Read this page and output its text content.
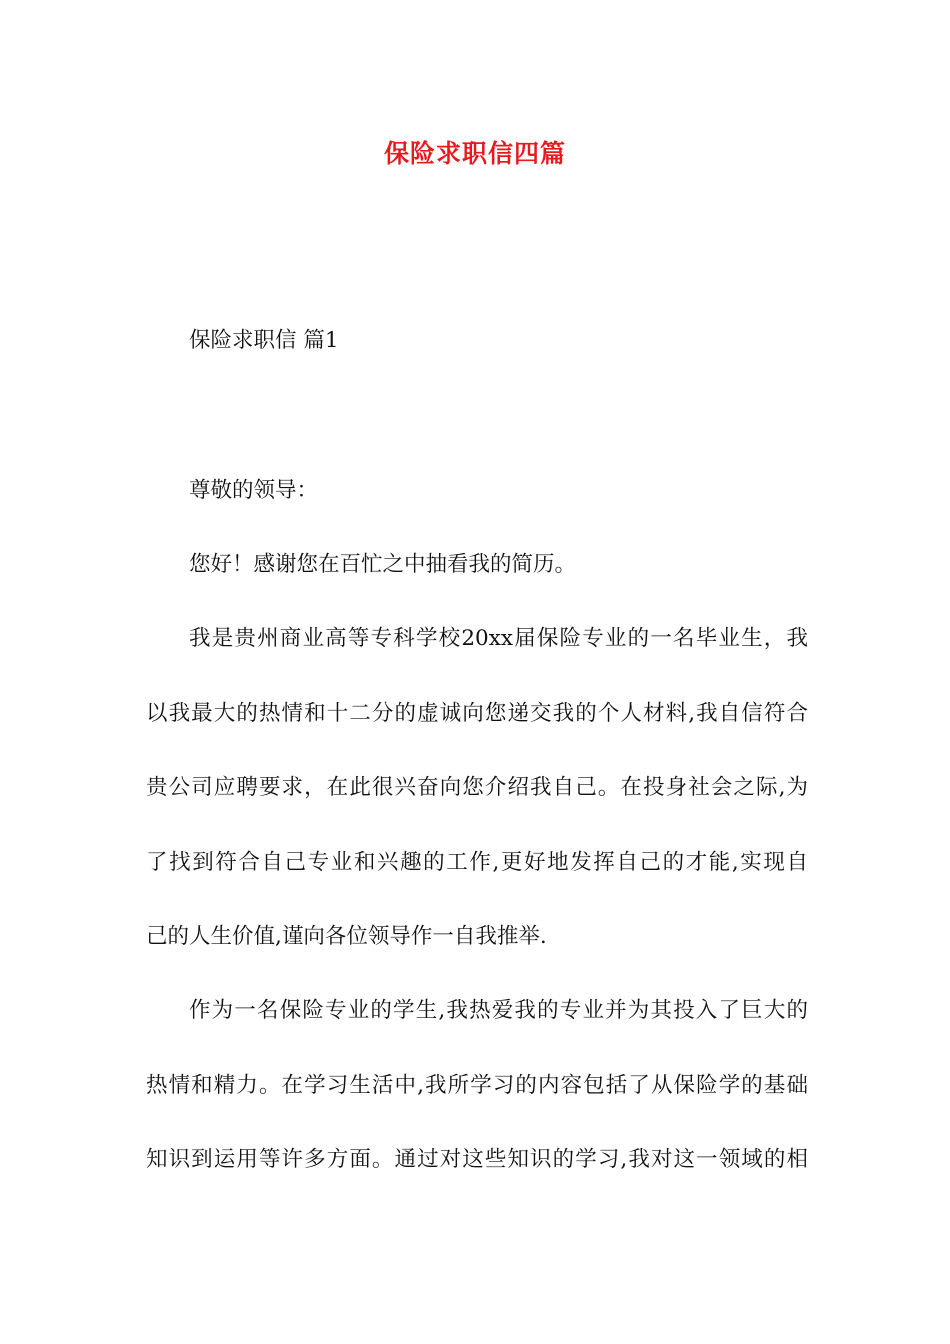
保险求职信四篇
保险求职信 篇1
尊敬的领导：
您好！感谢您在百忙之中抽看我的简历。
我是贵州商业高等专科学校20xx届保险专业的一名毕业生，我
以我最大的热情和十二分的虚诚向您递交我的个人材料,我自信符合
贵公司应聘要求，在此很兴奋向您介绍我自己。在投身社会之际,为
了找到符合自己专业和兴趣的工作,更好地发挥自己的才能,实现自
己的人生价值,谨向各位领导作一自我推举.
作为一名保险专业的学生,我热爱我的专业并为其投入了巨大的
热情和精力。在学习生活中,我所学习的内容包括了从保险学的基础
知识到运用等许多方面。通过对这些知识的学习,我对这一领域的相
